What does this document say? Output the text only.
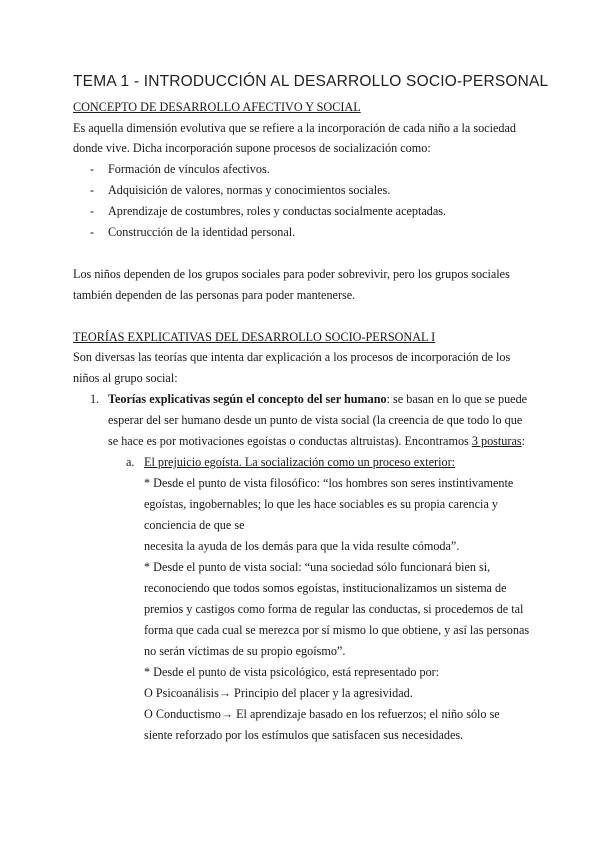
TEMA 1 - INTRODUCCIÓN AL DESARROLLO SOCIO-PERSONAL
CONCEPTO DE DESARROLLO AFECTIVO Y SOCIAL
Es aquella dimensión evolutiva que se refiere a la incorporación de cada niño a la sociedad
donde vive. Dicha incorporación supone procesos de socialización como:
- Formación de vínculos afectivos.
- Adquisición de valores, normas y conocimientos sociales.
- Aprendizaje de costumbres, roles y conductas socialmente aceptadas.
- Construcción de la identidad personal.
Los niños dependen de los grupos sociales para poder sobrevivir, pero los grupos sociales
también dependen de las personas para poder mantenerse.
TEORÍAS EXPLICATIVAS DEL DESARROLLO SOCIO-PERSONAL I
Son diversas las teorías que intenta dar explicación a los procesos de incorporación de los
niños al grupo social:
1. Teorías explicativas según el concepto del ser humano: se basan en lo que se puede
esperar del ser humano desde un punto de vista social (la creencia de que todo lo que
se hace es por motivaciones egoístas o conductas altruistas). Encontramos 3 posturas:
a. El prejuicio egoísta. La socialización como un proceso exterior:
* Desde el punto de vista filosófico: “los hombres son seres instintivamente
egoístas, ingobernables; lo que les hace sociables es su propia carencia y
conciencia de que se
necesita la ayuda de los demás para que la vida resulte cómoda”.
* Desde el punto de vista social: “una sociedad sólo funcionará bien si,
reconociendo que todos somos egoístas, institucionalizamos un sistema de
premios y castigos como forma de regular las conductas, si procedemos de tal
forma que cada cual se merezca por sí mismo lo que obtiene, y así las personas
no serán víctimas de su propio egoísmo”.
* Desde el punto de vista psicológico, está representado por:
O Psicoanálisis→ Principio del placer y la agresividad.
O Conductismo→ El aprendizaje basado en los refuerzos; el niño sólo se
siente reforzado por los estímulos que satisfacen sus necesidades.
